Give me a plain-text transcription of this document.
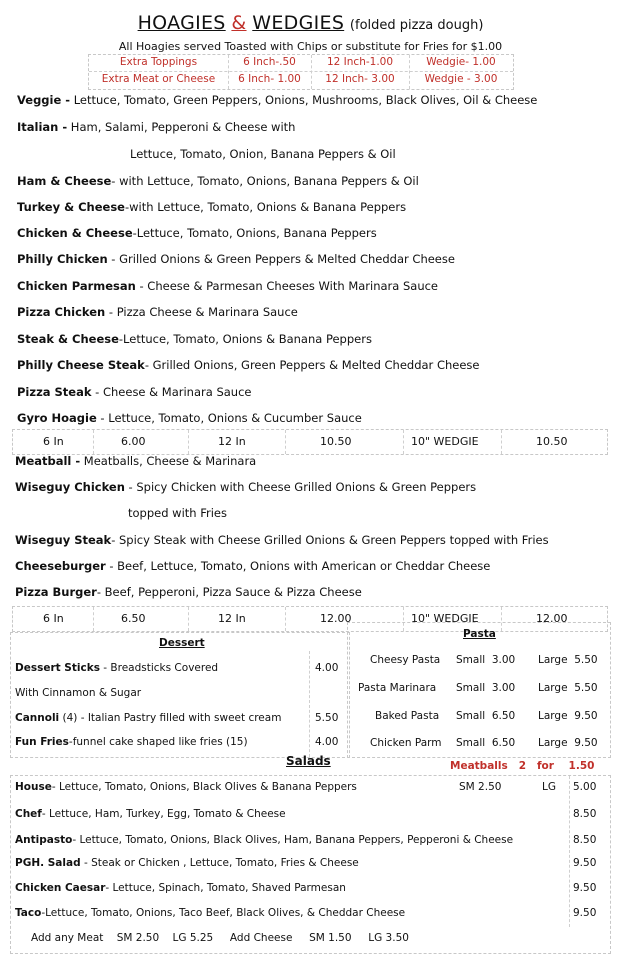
HOAGIES & WEDGIES (folded pizza dough)
All Hoagies served Toasted with Chips or substitute for Fries for $1.00
Extra Toppings	6 Inch-.50	12 Inch-1.00	Wedgie- 1.00
Extra Meat or Cheese	6 Inch- 1.00	12 Inch- 3.00	Wedgie - 3.00
Veggie - Lettuce, Tomato, Green Peppers, Onions, Mushrooms, Black Olives, Oil & Cheese
Italian - Ham, Salami, Pepperoni & Cheese with
Lettuce, Tomato, Onion, Banana Peppers & Oil
Ham & Cheese- with Lettuce, Tomato, Onions, Banana Peppers & Oil
Turkey & Cheese-with Lettuce, Tomato, Onions & Banana Peppers
Chicken & Cheese-Lettuce, Tomato, Onions, Banana Peppers
Philly Chicken - Grilled Onions & Green Peppers & Melted Cheddar Cheese
Chicken Parmesan - Cheese & Parmesan Cheeses With Marinara Sauce
Pizza Chicken - Pizza Cheese & Marinara Sauce
Steak & Cheese-Lettuce, Tomato, Onions & Banana Peppers
Philly Cheese Steak- Grilled Onions, Green Peppers & Melted Cheddar Cheese
Pizza Steak - Cheese & Marinara Sauce
Gyro Hoagie - Lettuce, Tomato, Onions & Cucumber Sauce
6 In	6.00	12 In	10.50	10" WEDGIE	10.50
Meatball - Meatballs, Cheese & Marinara
Wiseguy Chicken - Spicy Chicken with Cheese Grilled Onions & Green Peppers
topped with Fries
Wiseguy Steak- Spicy Steak with Cheese Grilled Onions & Green Peppers topped with Fries
Cheeseburger - Beef, Lettuce, Tomato, Onions with American or Cheddar Cheese
Pizza Burger- Beef, Pepperoni, Pizza Sauce & Pizza Cheese
6 In	6.50	12 In	12.00	10" WEDGIE	12.00
Dessert
Dessert Sticks - Breadsticks Covered	4.00
With Cinnamon & Sugar
Cannoli (4) - Italian Pastry filled with sweet cream	5.50
Fun Fries-funnel cake shaped like fries (15)	4.00
Pasta
Cheesy Pasta Small 3.00 Large 5.50
Pasta Marinara Small 3.00 Large 5.50
Baked Pasta Small 6.50 Large 9.50
Chicken Parm Small 6.50 Large 9.50
Salads	Meatballs   2   for    1.50
House- Lettuce, Tomato, Onions, Black Olives & Banana Peppers	SM 2.50	LG 5.00
Chef- Lettuce, Ham, Turkey, Egg, Tomato & Cheese	8.50
Antipasto- Lettuce, Tomato, Onions, Black Olives, Ham, Banana Peppers, Pepperoni & Cheese	8.50
PGH. Salad - Steak or Chicken , Lettuce, Tomato, Fries & Cheese	9.50
Chicken Caesar- Lettuce, Spinach, Tomato, Shaved Parmesan	9.50
Taco-Lettuce, Tomato, Onions, Taco Beef, Black Olives, & Cheddar Cheese	9.50
Add any Meat    SM 2.50    LG 5.25     Add Cheese     SM 1.50     LG 3.50
